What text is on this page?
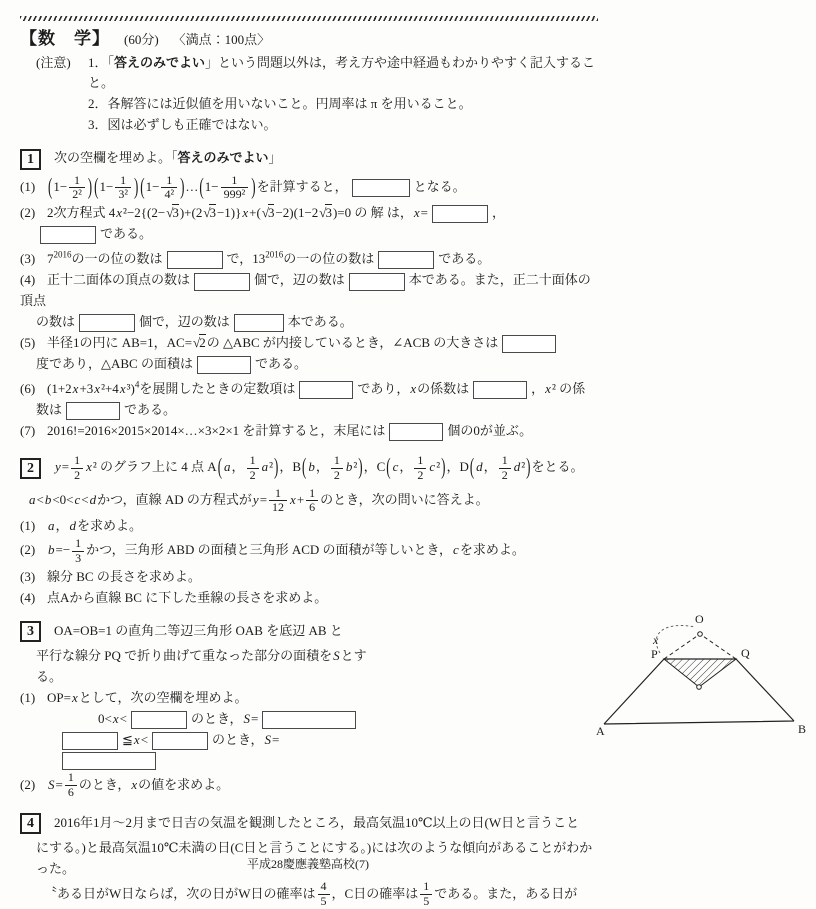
【数　学】 (60分) 〈満点：100点〉
(注意)	1．「答えのみでよい」という問題以外は，考え方や途中経過もわかりやすく記入すること。
2．各解答には近似値を用いないこと。円周率は π を用いること。
3．図は必ずしも正確ではない。
1 次の空欄を埋めよ。「答えのみでよい」
(1) ($1- \frac{1}{\text{2²}}$ ) ($1- \frac{1}{\text{3²}}$ ) ($1- \frac{1}{\text{4²}}$ )…(1− $\frac{1}{\text{999²}}$ )を計算すると，	となる。
(2) 2次方程式 4x²−2{(2−√3)+(2√3−1)}x+(√3−2)(1−2√3)=0 の 解 は，x=	，
である。
(3) $7^{2016}$の一の位の数は	で，$13^{2016}$の一の位の数は	である。
(4) 正十二面体の頂点の数は	個で，辺の数は	本である。また，正二十面体の頂点
の数は	個で，辺の数は	本である。
(5) 半径1の円に AB=1，AC=√2の △ABC が内接しているとき，∠ACB の大きさは
度であり，△ABC の面積は	である。
(6) $(1+2x+3x^2+4x^3)^4$を展開したときの定数項は	であり，xの係数は	，x² の係
数は	である。
(7) 2016!=2016×2015×2014×…×3×2×1 を計算すると，末尾には	個の0が並ぶ。
2 $y= \frac{1}{2} x^2$ のグラフ上に 4 点 A( a， $\frac{1}{2} a^2$)，B( b， $\frac{1}{2} b^2$)，C( c， $\frac{1}{2} c^2$)，D( d， $\frac{1}{2} d^2$)をとる。
a<b<0<c<dかつ，直線 AD の方程式が$y= \frac{1}{12} x+ \frac{1}{6}$ のとき，次の問いに答えよ。
(1) a，dを求めよ。
(2) $b=- \frac{1}{3}$ かつ，三角形 ABD の面積と三角形 ACD の面積が等しいとき，cを求めよ。
(3) 線分 BC の長さを求めよ。
(4) 点Aから直線 BC に下した垂線の長さを求めよ。
3 OA=OB=1 の直角二等辺三角形 OAB を底辺 AB と
平行な線分 PQ で折り曲げて重なった部分の面積をSとす
る。
(1) OP=xとして，次の空欄を埋めよ。
0<x<	のとき，S=
≦x<	のとき，S=
(2) $S= \frac{1}{6}$ のとき，xの値を求めよ。
O
P	Q
A	B
x
4 2016年1月～2月まで日吉の気温を観測したところ，最高気温10℃以上の日(W日と言うこと
にする。)と最高気温10℃未満の日(C日と言うことにする。)には次のような傾向があることがわか
った。
〝ある日がW日ならば，次の日がW日の確率は $\frac{4}{5}$ ，C日の確率は $\frac{1}{5}$ である。また，ある日が
平成28慶應義塾高校(7)
